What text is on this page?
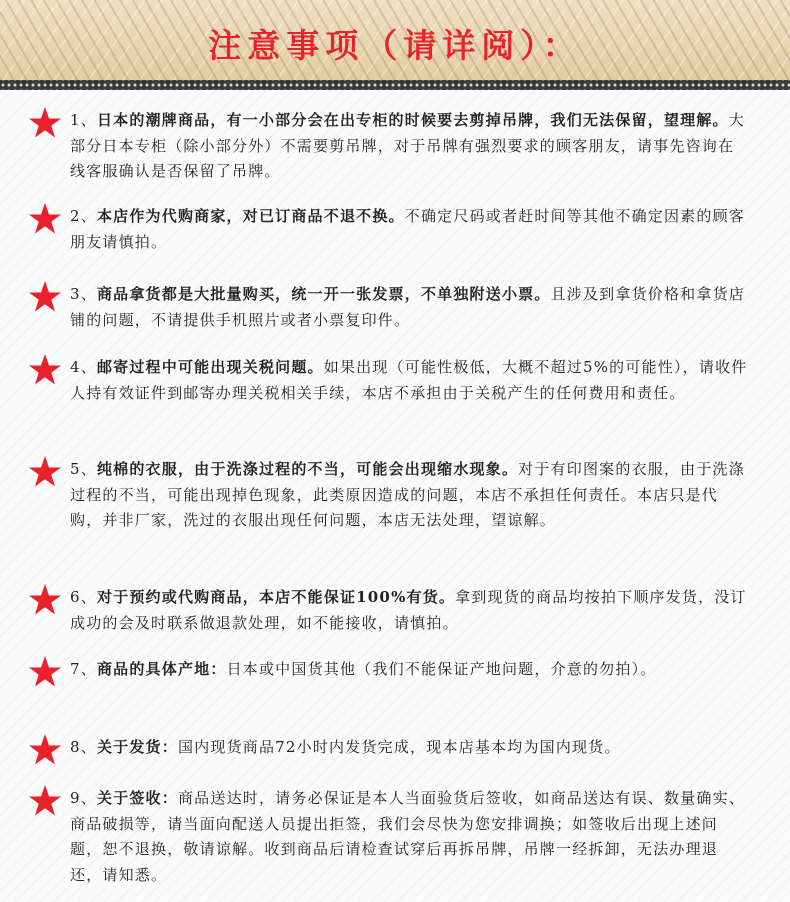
注意事项（请详阅）：
1、日本的潮牌商品，有一小部分会在出专柜的时候要去剪掉吊牌，我们无法保留，望理解。大部分日本专柜（除小部分外）不需要剪吊牌，对于吊牌有强烈要求的顾客朋友，请事先咨询在线客服确认是否保留了吊牌。
2、本店作为代购商家，对已订商品不退不换。不确定尺码或者赶时间等其他不确定因素的顾客朋友请慎拍。
3、商品拿货都是大批量购买，统一开一张发票，不单独附送小票。且涉及到拿货价格和拿货店铺的问题，不请提供手机照片或者小票复印件。
4、邮寄过程中可能出现关税问题。如果出现（可能性极低，大概不超过5%的可能性），请收件人持有效证件到邮寄办理关税相关手续，本店不承担由于关税产生的任何费用和责任。
5、纯棉的衣服，由于洗涤过程的不当，可能会出现缩水现象。对于有印图案的衣服，由于洗涤过程的不当，可能出现掉色现象，此类原因造成的问题，本店不承担任何责任。本店只是代购，并非厂家，洗过的衣服出现任何问题，本店无法处理，望谅解。
6、对于预约或代购商品，本店不能保证100%有货。拿到现货的商品均按拍下顺序发货，没订成功的会及时联系做退款处理，如不能接收，请慎拍。
7、商品的具体产地：日本或中国货其他（我们不能保证产地问题，介意的勿拍）。
8、关于发货：国内现货商品72小时内发货完成，现本店基本均为国内现货。
9、关于签收：商品送达时，请务必保证是本人当面验货后签收，如商品送达有误、数量确实、商品破损等，请当面向配送人员提出拒签，我们会尽快为您安排调换；如签收后出现上述问题，恕不退换，敬请谅解。收到商品后请检查试穿后再拆吊牌，吊牌一经拆卸，无法办理退还，请知悉。
